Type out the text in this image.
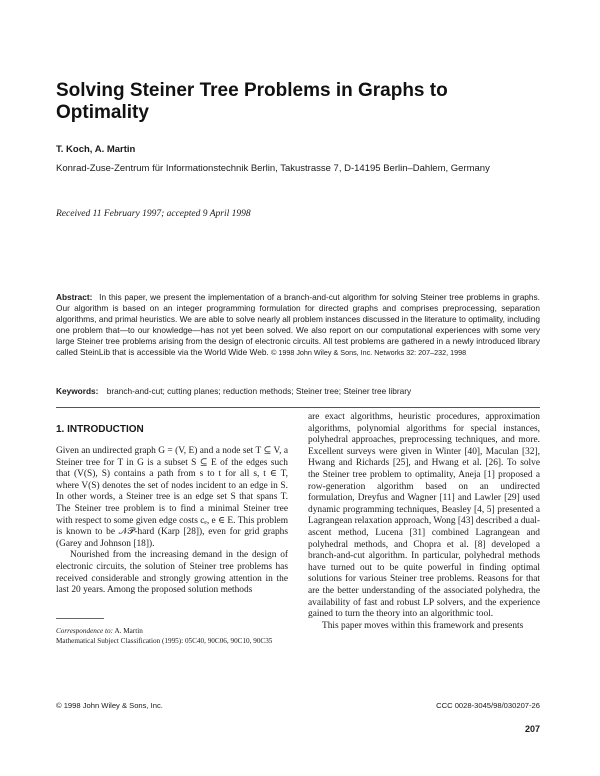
Solving Steiner Tree Problems in Graphs to Optimality
T. Koch, A. Martin
Konrad-Zuse-Zentrum für Informationstechnik Berlin, Takustrasse 7, D-14195 Berlin–Dahlem, Germany
Received 11 February 1997; accepted 9 April 1998
Abstract: In this paper, we present the implementation of a branch-and-cut algorithm for solving Steiner tree problems in graphs. Our algorithm is based on an integer programming formulation for directed graphs and comprises preprocessing, separation algorithms, and primal heuristics. We are able to solve nearly all problem instances discussed in the literature to optimality, including one problem that—to our knowledge—has not yet been solved. We also report on our computational experiences with some very large Steiner tree problems arising from the design of electronic circuits. All test problems are gathered in a newly introduced library called SteinLib that is accessible via the World Wide Web. © 1998 John Wiley & Sons, Inc. Networks 32: 207–232, 1998
Keywords: branch-and-cut; cutting planes; reduction methods; Steiner tree; Steiner tree library
1. INTRODUCTION

Given an undirected graph G = (V, E) and a node set T ⊆ V, a Steiner tree for T in G is a subset S ⊆ E of the edges such that (V(S), S) contains a path from s to t for all s, t ∈ T, where V(S) denotes the set of nodes incident to an edge in S. In other words, a Steiner tree is an edge set S that spans T. The Steiner tree problem is to find a minimal Steiner tree with respect to some given edge costs cₑ, e ∈ E. This problem is known to be 𝒩𝒫-hard (Karp [28]), even for grid graphs (Garey and Johnson [18]).

Nourished from the increasing demand in the design of electronic circuits, the solution of Steiner tree problems has received considerable and strongly growing attention in the last 20 years. Among the proposed solution methods

are exact algorithms, heuristic procedures, approximation algorithms, polynomial algorithms for special instances, polyhedral approaches, preprocessing techniques, and more. Excellent surveys were given in Winter [40], Maculan [32], Hwang and Richards [25], and Hwang et al. [26]. To solve the Steiner tree problem to optimality, Aneja [1] proposed a row-generation algorithm based on an undirected formulation, Dreyfus and Wagner [11] and Lawler [29] used dynamic programming techniques, Beasley [4, 5] presented a Lagrangean relaxation approach, Wong [43] described a dual-ascent method, Lucena [31] combined Lagrangean and polyhedral methods, and Chopra et al. [8] developed a branch-and-cut algorithm. In particular, polyhedral methods have turned out to be quite powerful in finding optimal solutions for various Steiner tree problems. Reasons for that are the better understanding of the associated polyhedra, the availability of fast and robust LP solvers, and the experience gained to turn the theory into an algorithmic tool.

This paper moves within this framework and presents

Correspondence to: A. Martin
Mathematical Subject Classification (1995): 05C40, 90C06, 90C10, 90C35
© 1998 John Wiley & Sons, Inc.	CCC 0028-3045/98/030207-26
207
